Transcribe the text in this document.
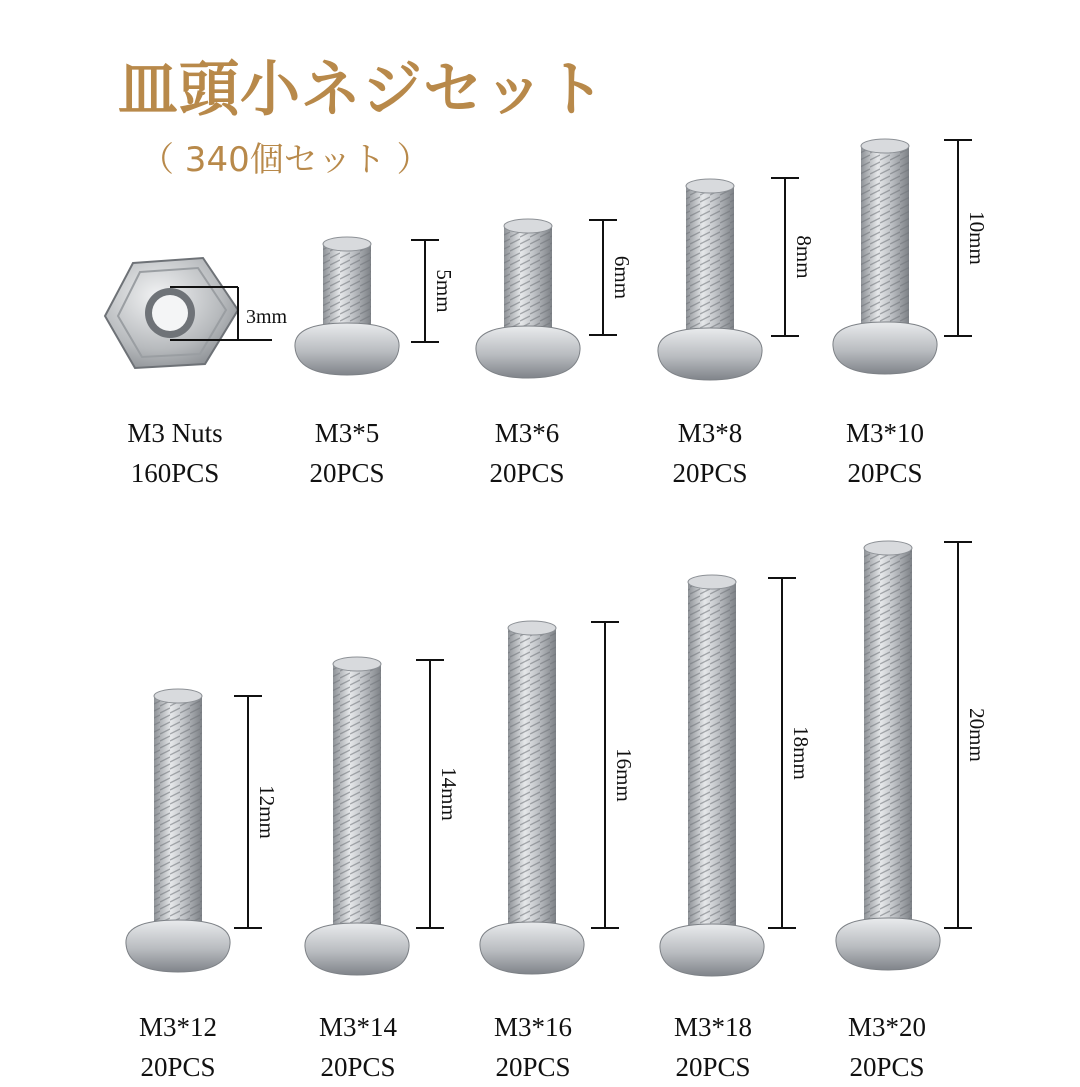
皿頭小ネジセット

（ 340個セット ）

3mm
5mm	6mm	8mm	10mm
12mm	14mm	16mm	18mm	20mm
M3 Nuts
160PCS
M3*5
20PCS
M3*6
20PCS
M3*8
20PCS
M3*10
20PCS
M3*12
20PCS
M3*14
20PCS
M3*16
20PCS
M3*18
20PCS
M3*20
20PCS
